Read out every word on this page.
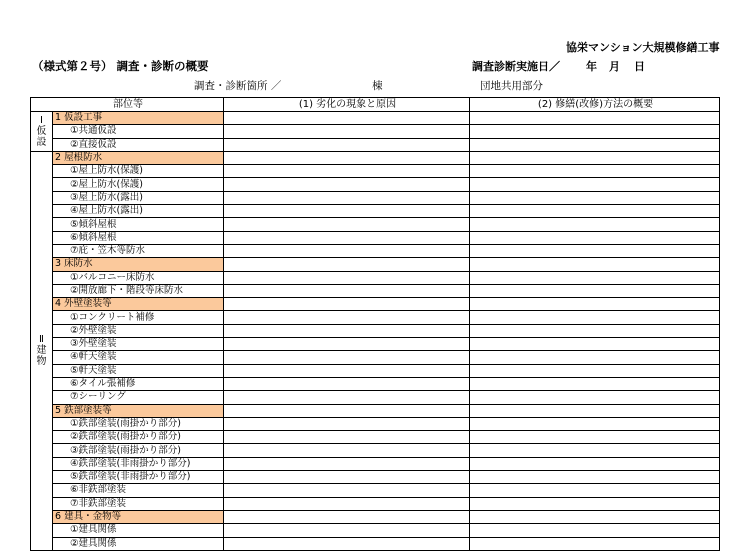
協栄マンション大規模修繕工事
（様式第２号） 調査・診断の概要	調査診断実施日／ 年 月 日
調査・診断箇所 ／	棟	団地共用部分
部位等		(1) 劣化の現象と原因	(2) 修繕(改修)方法の概要

Ⅰ
仮
設	1 仮設工事		
	①共通仮設		
	②直接仮設		

Ⅱ
建
物	2 屋根防水		
	①屋上防水(保護)		
	②屋上防水(保護)		
	③屋上防水(露出)		
	④屋上防水(露出)		
	⑤傾斜屋根		
	⑥傾斜屋根		
	⑦庇・笠木等防水		
	3 床防水		
	①バルコニー床防水		
	②開放廊下・階段等床防水		
	4 外壁塗装等		
	①コンクリート補修		
	②外壁塗装		
	③外壁塗装		
	④軒天塗装		
	⑤軒天塗装		
	⑥タイル張補修		
	⑦シーリング		
	5 鉄部塗装等		
	①鉄部塗装(雨掛かり部分)		
	②鉄部塗装(雨掛かり部分)		
	③鉄部塗装(雨掛かり部分)		
	④鉄部塗装(非雨掛かり部分)		
	⑤鉄部塗装(非雨掛かり部分)		
	⑥非鉄部塗装		
	⑦非鉄部塗装		
	6 建具・金物等		
	①建具関係		
	②建具関係		
